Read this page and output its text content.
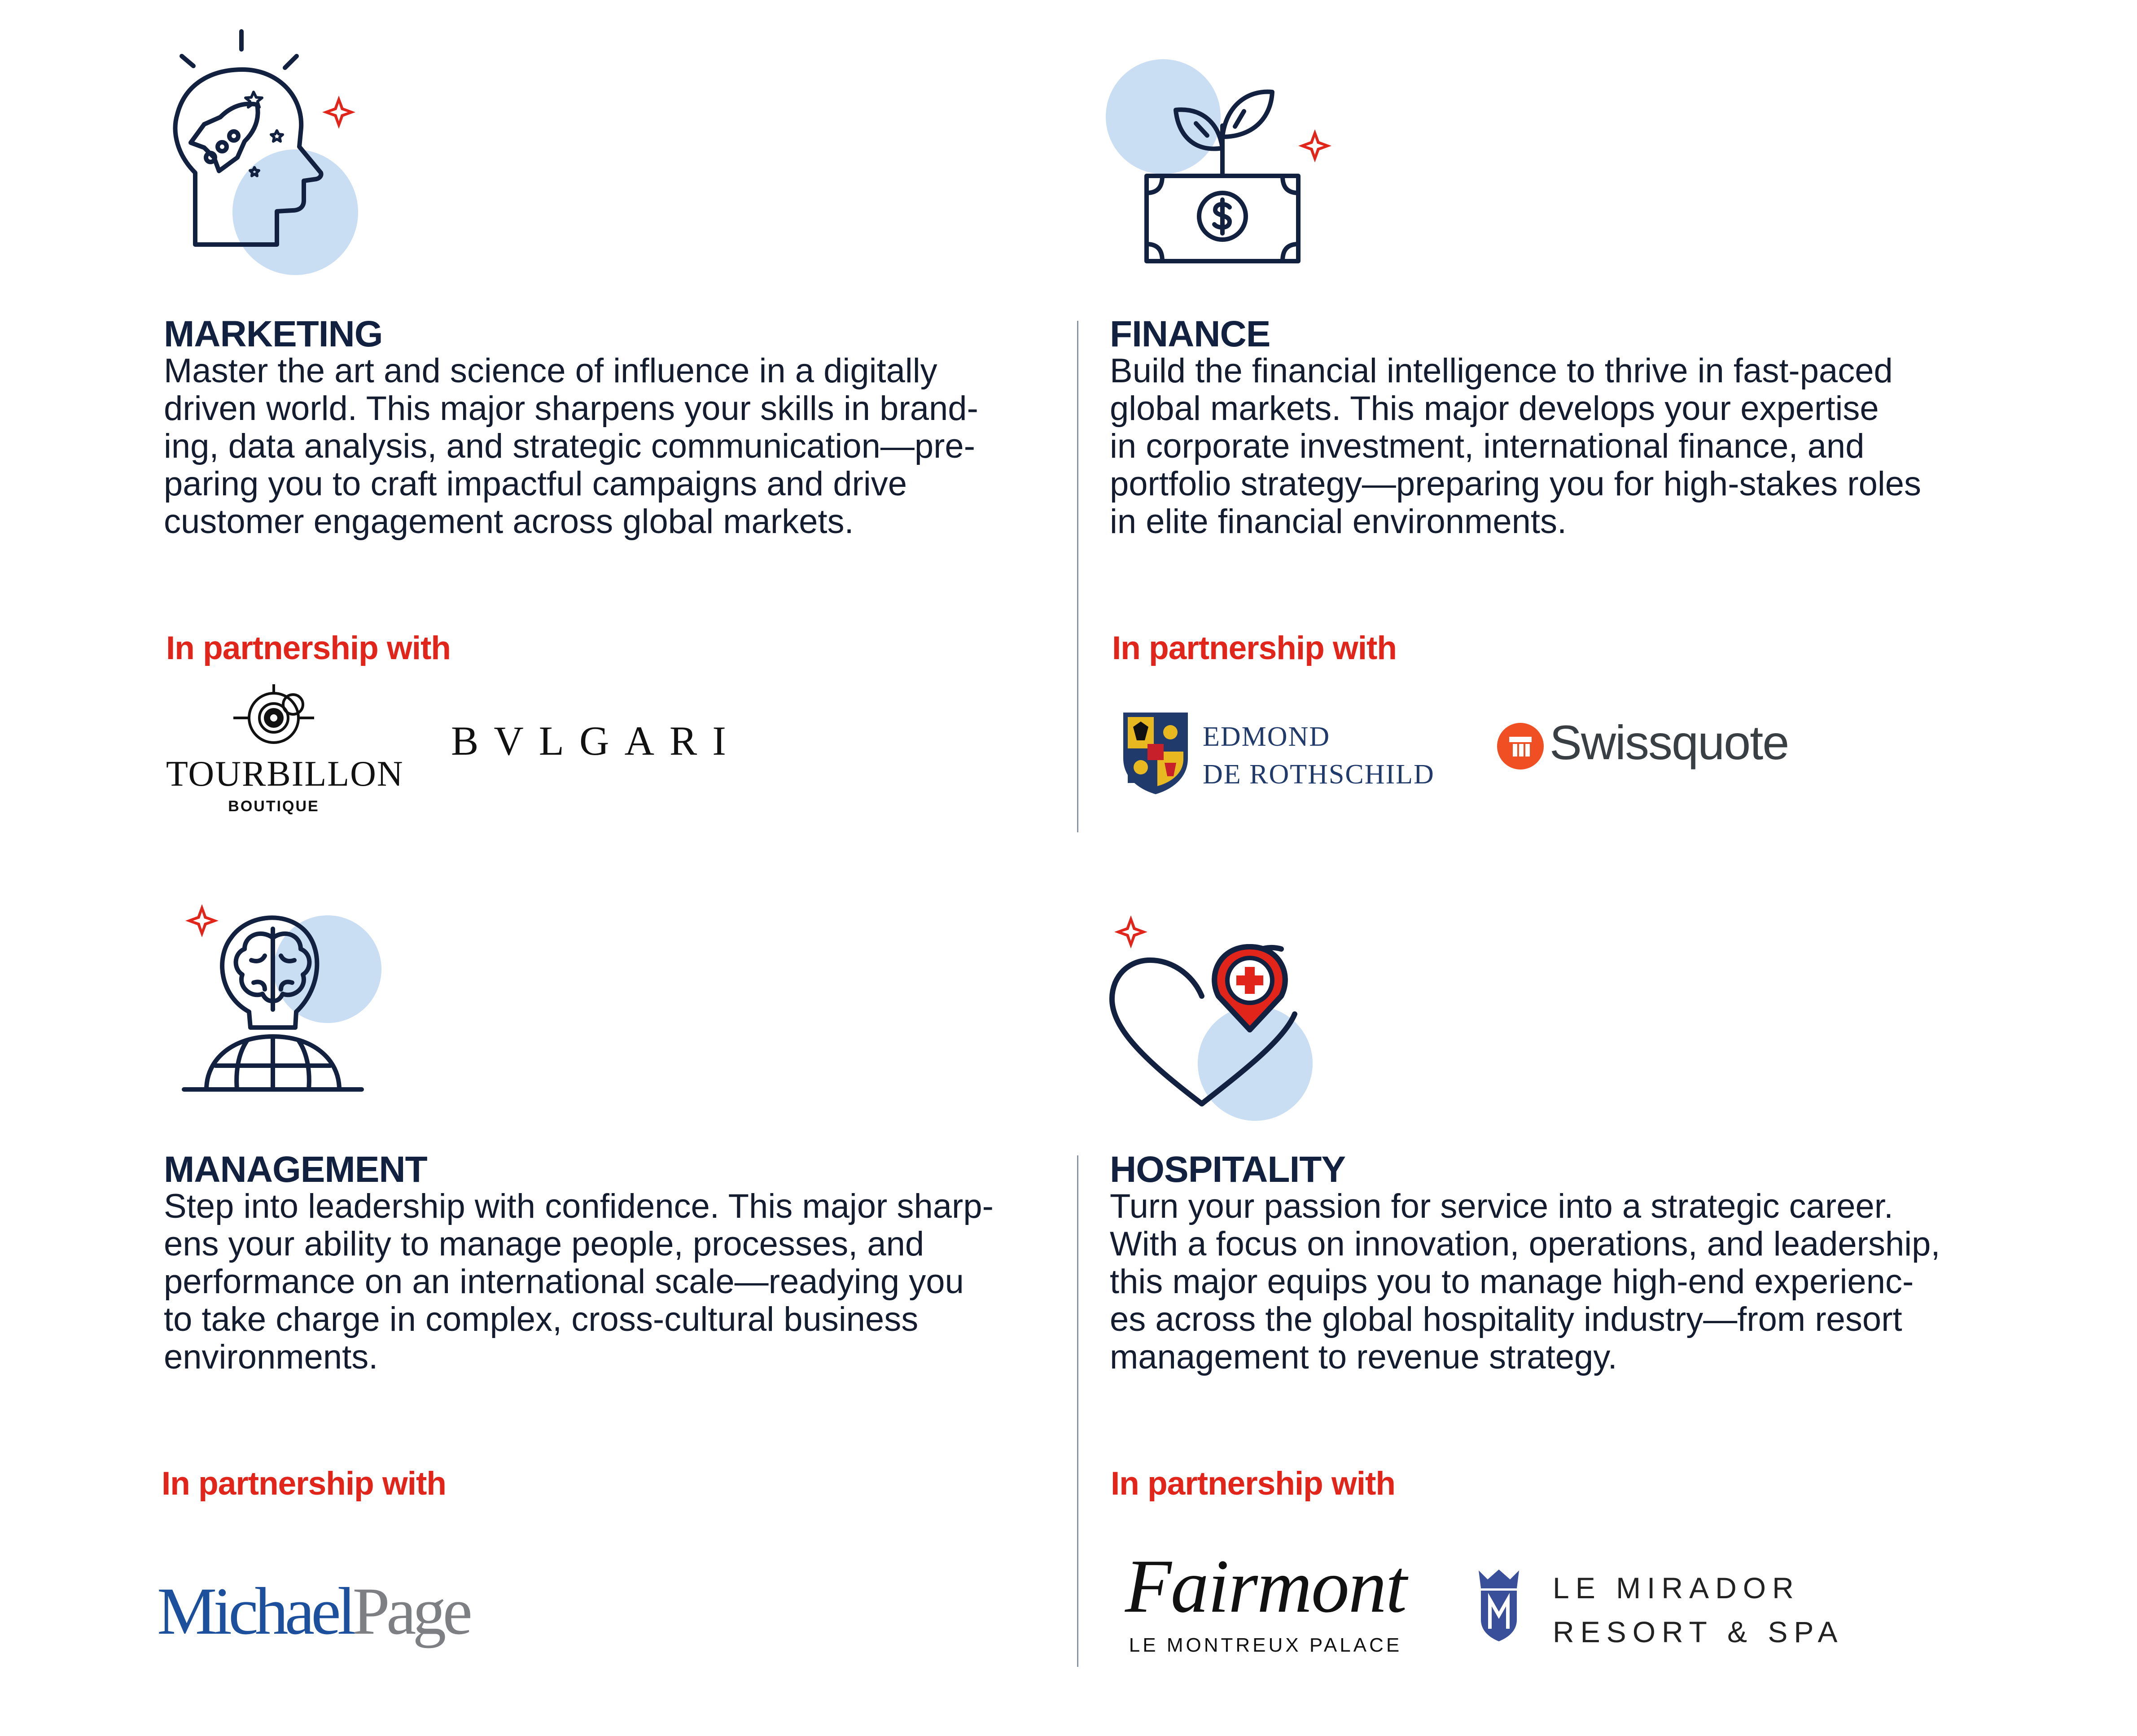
MARKETING

Master the art and science of influence in a digitally
driven world. This major sharpens your skills in brand-
ing, data analysis, and strategic communication—pre-
paring you to craft impactful campaigns and drive
customer engagement across global markets.

In partnership with
TOURBILLON
BOUTIQUE
BVLGARI
FINANCE

Build the financial intelligence to thrive in fast-paced
global markets. This major develops your expertise
in corporate investment, international finance, and
portfolio strategy—preparing you for high-stakes roles
in elite financial environments.

In partnership with
EDMOND
DE ROTHSCHILD
Swissquote
MANAGEMENT

Step into leadership with confidence. This major sharp-
ens your ability to manage people, processes, and
performance on an international scale—readying you
to take charge in complex, cross-cultural business
environments.

In partnership with
MichaelPage
HOSPITALITY

Turn your passion for service into a strategic career.
With a focus on innovation, operations, and leadership,
this major equips you to manage high-end experienc-
es across the global hospitality industry—from resort
management to revenue strategy.

In partnership with
Fairmont
LE MONTREUX PALACE
LE MIRADOR
RESORT & SPA
